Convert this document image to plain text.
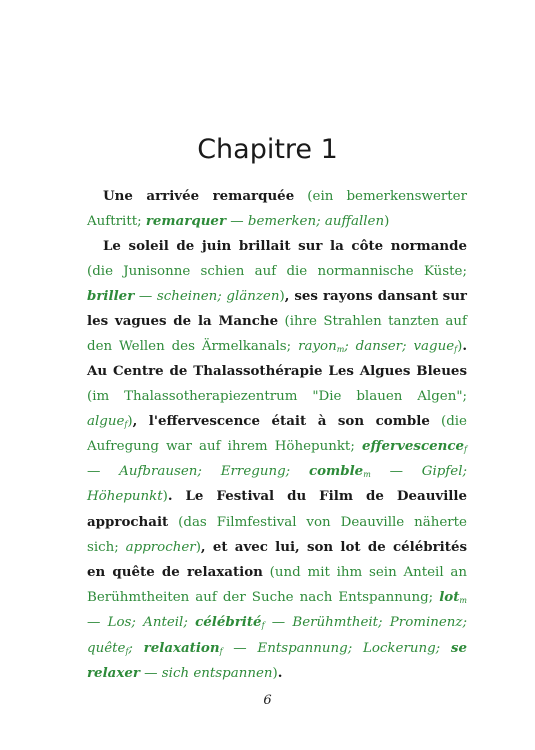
Chapitre 1

Une arrivée remarquée (ein bemerkenswerter Auftritt; remarquer — bemerken; auffallen)

Le soleil de juin brillait sur la côte normande (die Junisonne schien auf die normannische Küste; briller — scheinen; glänzen), ses rayons dansant sur les vagues de la Manche (ihre Strahlen tanzten auf den Wellen des Ärmelkanals; rayon$_m$; danser; vague$_f$). Au Centre de Thalassothérapie Les Algues Bleues (im Thalassotherapiezentrum "Die blauen Algen"; algue$_f$), l'effervescence était à son comble (die Aufregung war auf ihrem Höhepunkt; effervescence$_f$ — Aufbrausen; Erregung; comble$_m$ — Gipfel; Höhepunkt). Le Festival du Film de Deauville approchait (das Filmfestival von Deauville näherte sich; approcher), et avec lui, son lot de célébrités en quête de relaxation (und mit ihm sein Anteil an Berühmtheiten auf der Suche nach Entspannung; lot$_m$ — Los; Anteil; célébrité$_f$ — Berühmtheit; Prominenz; quête$_f$; relaxation$_f$ — Entspannung; Lockerung; se relaxer — sich entspannen).

6
